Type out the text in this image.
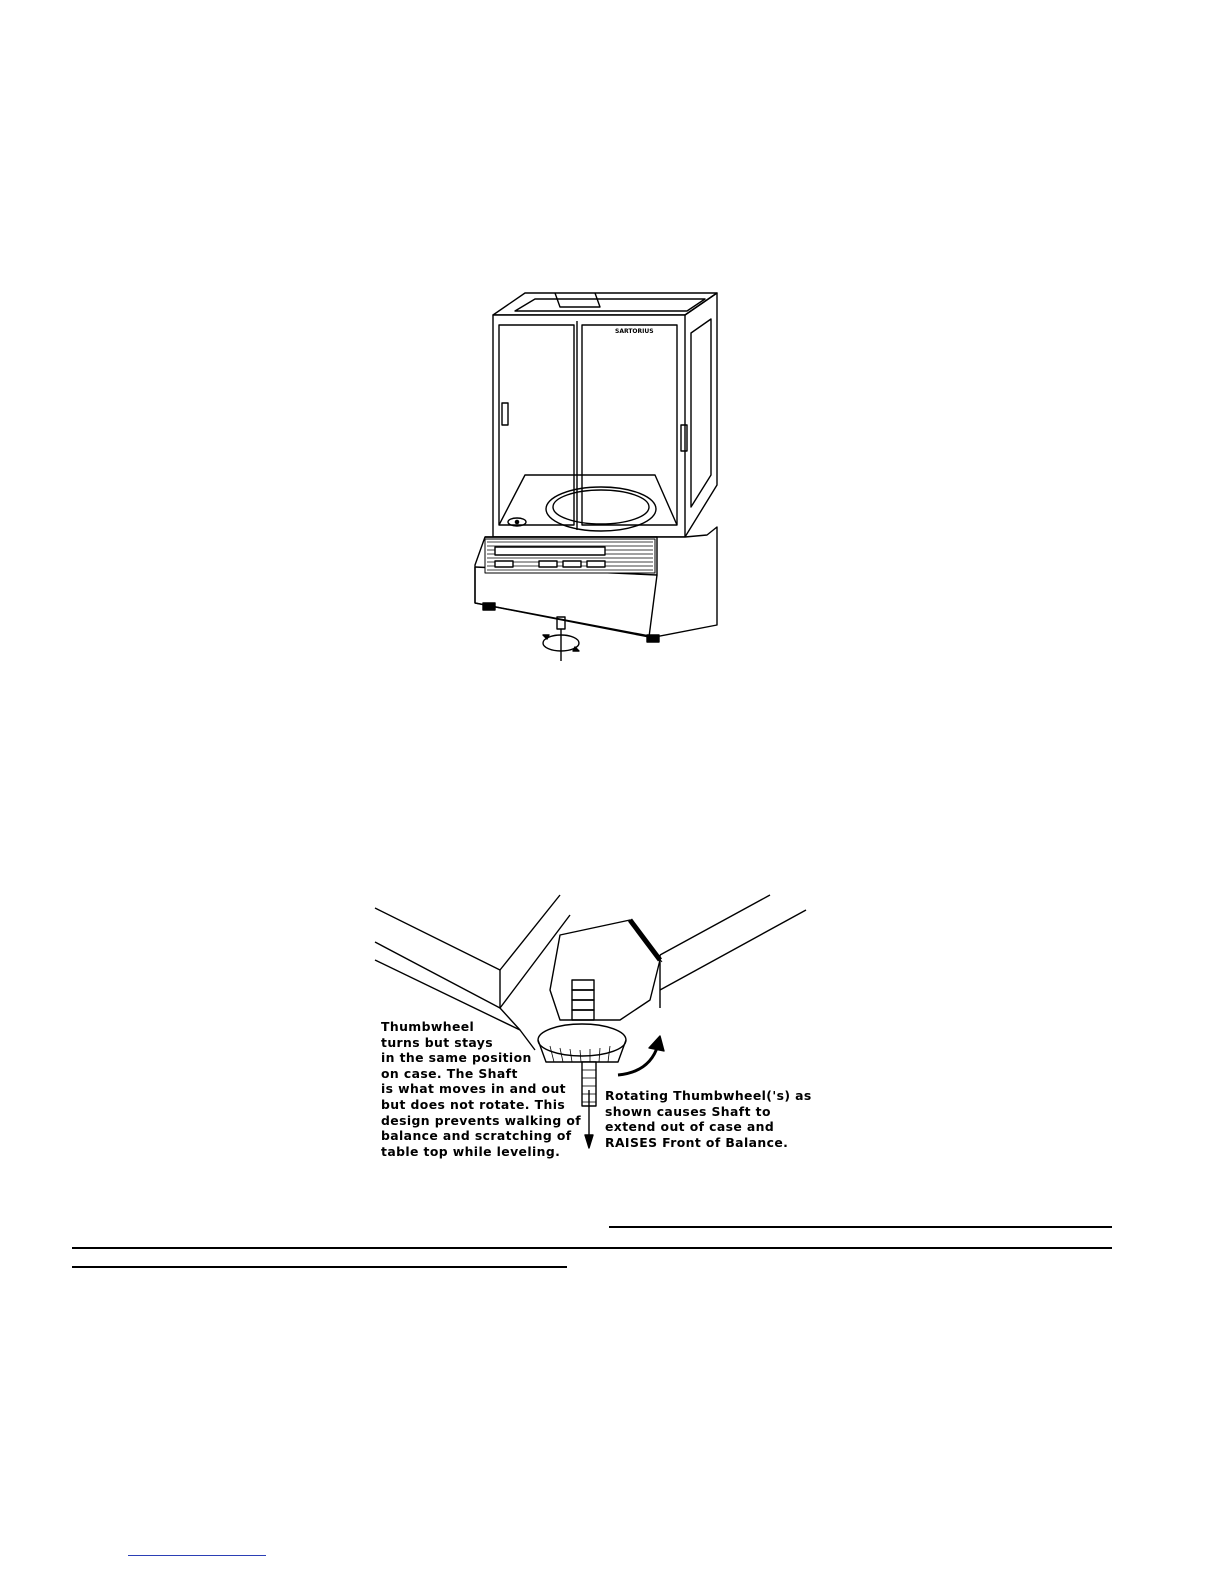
SARTORIUS
Thumbwheel
turns but stays
in the same position
on case. The Shaft
is what moves in and out
but does not rotate. This
design prevents walking of
balance and scratching of
table top while leveling.
Rotating Thumbwheel('s) as
shown causes Shaft to
extend out of case and
RAISES Front of Balance.
